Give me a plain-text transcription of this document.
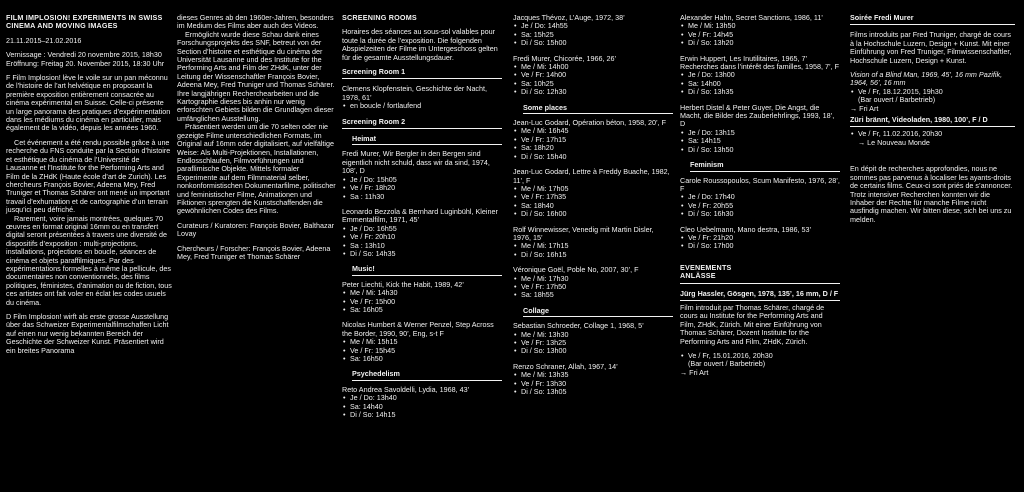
FILM IMPLOSION! EXPERIMENTS IN SWISS CINEMA AND MOVING IMAGES
21.11.2015–21.02.2016
Vernissage : Vendredi 20 novembre 2015, 18h30
Eröffnung: Freitag 20. November 2015, 18:30 Uhr

F Film Implosion! lève le voile sur un pan méconnu de l’histoire de l’art helvétique en proposant la première exposition entièrement consacrée au cinéma expérimental en Suisse. Celle-ci présente un large panorama des pratiques d’expérimentation dans les médiums du cinéma en particulier, mais également de la vidéo, depuis les années 1960.

Cet événement a été rendu possible grâce à une recherche du FNS conduite par la Section d’histoire et esthétique du cinéma de l’Université de Lausanne et l’Institute for the Performing Arts and Film de la ZHdK (Haute école d’art de Zurich). Les chercheurs François Bovier, Adeena Mey, Fred Truniger et Thomas Schärer ont mené un important travail d’exhumation et de cartographie d’un terrain jusqu’ici peu défriché.

Rarement, voire jamais montrées, quelques 70 œuvres en format original 16mm ou en transfert digital seront présentées à travers une diversité de dispositifs d’exposition : multi-projections, installations, projections en boucle, séances de cinéma et objets paraffilmiques. Par des expérimentations formelles à même la pellicule, des documentaires non conventionnels, des films politiques, féministes, d’animation ou de fiction, tous ces artistes ont fait voler en éclat les codes usuels du cinéma.

D Film Implosion! wirft als erste grosse Ausstellung über das Schweizer Experimentalfilmschaffen Licht auf einen nur wenig bekannten Bereich der Geschichte der Schweizer Kunst. Präsentiert wird ein breites Panorama

dieses Genres ab den 1960er-Jahren, besonders im Medium des Films aber auch des Videos.

Ermöglicht wurde diese Schau dank eines Forschungsprojekts des SNF, betreut von der Section d’histoire et esthétique du cinéma der Universität Lausanne und des Institute for the Performing Arts and Film der ZHdK, unter der Leitung der Wissenschaftler François Bovier, Adeena Mey, Fred Truniger und Thomas Schärer. Ihre langjährigen Recherchearbeiten und die Kartographie dieses bis anhin nur wenig erforschten Gebiets bilden die Grundlagen dieser umfänglichen Ausstellung.

Präsentiert werden um die 70 selten oder nie gezeigte Filme unterschiedlichen Formats, im Original auf 16mm oder digitalisiert, auf vielfältige Weise: Als Multi-Projektionen, Installationen, Endlosschlaufen, Filmvorführungen und paraflimische Objekte. Mittels formaler Experimente auf dem Filmmaterial selber, nonkonformistischen Dokumentarfilme, politischer und feministischer Filme, Animationen und Fiktionen sprengten die Kunstschaffenden die gewöhnlichen Codes des Films.

Curateurs / Kuratoren: François Bovier, Balthazar Lovay

Chercheurs / Forscher: François Bovier, Adeena Mey, Fred Truniger et Thomas Schärer

SCREENING ROOMS

Horaires des séances au sous-sol valables pour toute la durée de l’exposition. Die folgenden Abspielzeiten der Filme im Untergeschoss gelten für die gesamte Ausstellungsdauer.

Screening Room 1
Clemens Klopfenstein, Geschichte der Nacht, 1978, 61’
• en boucle / fortlaufend
Screening Room 2
Heimat
Fredi Murer, Wir Bergler in den Bergen sind eigentlich nicht schuld, dass wir da sind, 1974, 108’, D
• Je / Do: 15h05
• Ve / Fr: 18h20
• Sa : 11h30
Leonardo Bezzola & Bernhard Luginbühl, Kleiner Emmentalfilm, 1971, 45’
• Je / Do: 16h55
• Ve / Fr: 20h10
• Sa : 13h10
• Di / So: 14h35
Music!
Peter Liechti, Kick the Habit, 1989, 42’
• Me / Mi: 14h30
• Ve / Fr: 15h00
• Sa: 16h05
Nicolas Humbert & Werner Penzel, Step Across the Border, 1990, 90’, Eng, s-t F
• Me / Mi: 15h15
• Ve / Fr: 15h45
• Sa: 16h50
Psychedelism
Reto Andrea Savoldelli, Lydia, 1968, 43’
• Je / Do: 13h40
• Sa: 14h40
• Di / So: 14h15
Jacques Thévoz, L’Auge, 1972, 38’
• Je / Do: 14h55
• Sa: 15h25
• Di / So: 15h00
Fredi Murer, Chicorée, 1966, 26’
• Me / Mi: 14h00
• Ve / Fr: 14h00
• Sa: 10h25
• Di / So: 12h30
Some places
Jean-Luc Godard, Opération béton, 1958, 20’, F
• Me / Mi: 16h45
• Ve / Fr: 17h15
• Sa: 18h20
• Di / So: 15h40
Jean-Luc Godard, Lettre à Freddy Buache, 1982, 11’, F
• Me / Mi: 17h05
• Ve / Fr: 17h35
• Sa: 18h40
• Di / So: 16h00
Rolf Winnewisser, Venedig mit Martin Disler, 1976, 15’
• Me / Mi: 17h15
• Di / So: 16h15
Véronique Goël, Poble No, 2007, 30’, F
• Me / Mi: 17h30
• Ve / Fr: 17h50
• Sa: 18h55
Collage
Sebastian Schroeder, Collage 1, 1968, 5’
• Me / Mi: 13h30
• Ve / Fr: 13h25
• Di / So: 13h00
Renzo Schraner, Allah, 1967, 14’
• Me / Mi: 13h35
• Ve / Fr: 13h30
• Di / So: 13h05
Alexander Hahn, Secret Sanctions, 1986, 11’
• Me / Mi: 13h50
• Ve / Fr: 14h45
• Di / So: 13h20
Erwin Huppert, Les Inutilitaires, 1965, 7’ Recherches dans l’intérêt des familles, 1958, 7’, F
• Je / Do: 13h00
• Sa: 14h00
• Di / So: 13h35
Herbert Distel & Peter Guyer, Die Angst, die Macht, die Bilder des Zauberlehrlings, 1993, 18’, D
• Je / Do: 13h15
• Sa: 14h15
• Di / So: 13h50
Feminism
Carole Roussopoulos, Scum Manifesto, 1976, 28’, F
• Je / Do: 17h40
• Ve / Fr: 20h55
• Di / So: 16h30
Cleo Uebelmann, Mano destra, 1986, 53’
• Ve / Fr: 21h20
• Di / So: 17h00
EVENEMENTS
ANLÄSSE
Jürg Hassler, Gösgen, 1978, 135’, 16 mm, D / F

Film introduit par Thomas Schärer, chargé de cours au Institute for the Performing Arts and Film, ZHdK, Zürich. Mit einer Einführung von Thomas Schärer, Dozent Institute for the Performing Arts and Film, ZHdK, Zürich.

• Ve / Fr, 15.01.2016, 20h30
(Bar ouvert / Barbetrieb)
→ Fri Art
Soirée Fredi Murer

Films introduits par Fred Truniger, chargé de cours à la Hochschule Luzern, Design + Kunst. Mit einer Einführung von Fred Truniger, Filmwissenschaftler, Hochschule Luzern, Design + Kunst.

Vision of a Blind Man, 1969, 45’, 16 mm Pazifik, 1964, 56’, 16 mm
• Ve / Fr, 18.12.2015, 19h30
(Bar ouvert / Barbetrieb)
→ Fri Art
Züri brännt, Videoladen, 1980, 100’, F / D
• Ve / Fr, 11.02.2016, 20h30
→ Le Nouveau Monde

En dépit de recherches approfondies, nous ne sommes pas parvenus à localiser les ayants-droits de certains films. Ceux-ci sont priés de s’annoncer. Trotz intensiver Recherchen konnten wir die Inhaber der Rechte für manche Filme nicht ausfindig machen. Wir bitten diese, sich bei uns zu melden.
